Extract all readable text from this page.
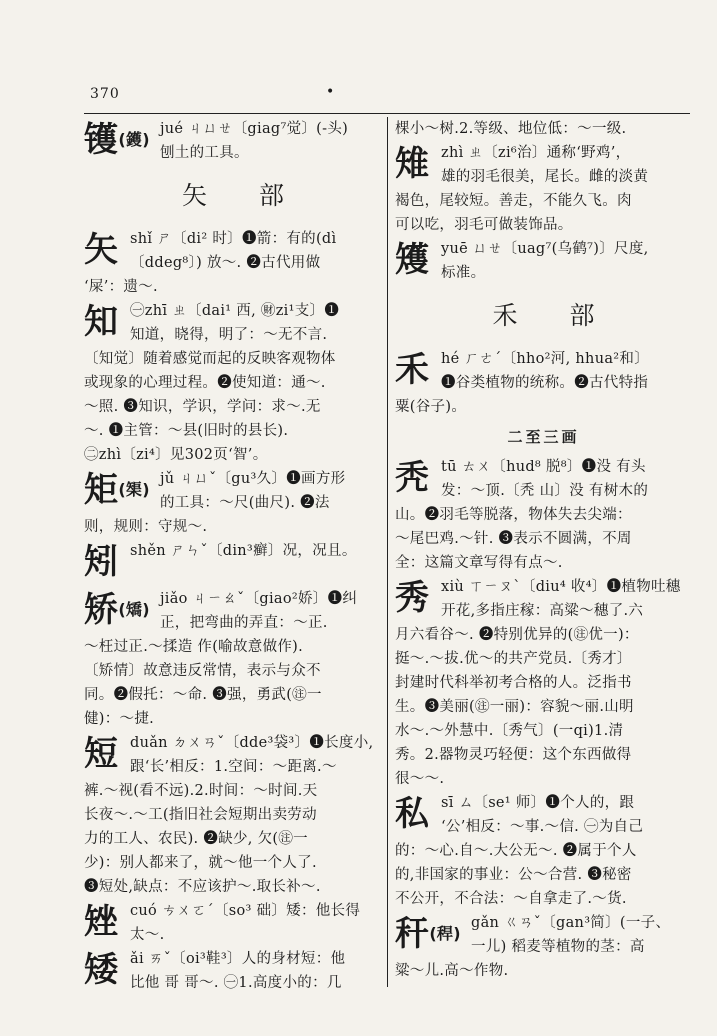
370	•
镬(鑊)
jué ㄐㄩㄝ〔giag⁷觉〕(-头)
刨土的工具。
矢 部
矢 shǐ ㄕ〔di² 时〕❶箭：有的(dì
〔ddeg⁸〕) 放～. ❷古代用做
‘屎’：遗～.
知 ㊀zhī ㄓ〔dai¹ 西, ㊖zi¹支〕❶
知道，晓得，明了：～无不言.
〔知觉〕随着感觉而起的反映客观物体
或现象的心理过程。❷使知道：通～.
～照. ❸知识，学识，学问：求～.无
～. ❶主管：～县(旧时的县长).
㊁zhì〔zi⁴〕见302页‘智’。
矩(榘)
jǔ ㄐㄩˇ〔gu³久〕❶画方形
的工具：～尺(曲尺). ❷法
则，规则：守规～.
矧 shěn ㄕㄣˇ〔din³癣〕况，况且。

矫(矯)
jiǎo ㄐㄧㄠˇ〔giao²娇〕❶纠
正，把弯曲的弄直：～正.
～枉过正.～揉造 作(喻故意做作).
〔矫情〕故意违反常情，表示与众不
同。❷假托：～命. ❸强，勇武(㊟一
健)：～捷.
短 duǎn ㄉㄨㄢˇ〔dde³袋³〕❶长度小,
跟‘长’相反：1.空间：～距离.～
裤.～视(看不远).2.时间：～时间.天
长夜～.～工(指旧社会短期出卖劳动
力的工人、农民). ❷缺少, 欠(㊟一
少)：别人都来了，就～他一个人了.
❸短处,缺点：不应该护～.取长补～.
矬 cuó ㄘㄨㄛˊ〔so³ 础〕矮：他长得
太～.
矮 ǎi ㄞˇ〔oi³鞋³〕人的身材短：他
比他 哥 哥～. ㊀1.高度小的：几
棵小～树.2.等级、地位低：～一级.
雉 zhì ㄓ〔zi⁶治〕通称‘野鸡’，
雄的羽毛很美，尾长。雌的淡黄
褐色，尾较短。善走，不能久飞。肉
可以吃，羽毛可做装饰品。
矱 yuē ㄩㄝ〔uag⁷(乌鹤⁷)〕尺度,
标准。
禾 部
禾 hé ㄏㄜˊ〔hho²河, hhua²和〕
❶谷类植物的统称。❷古代特指
粟(谷子)。
二至三画
秃 tū ㄊㄨ〔hud⁸ 脱⁸〕❶没 有头
发：～顶.〔秃 山〕没 有树木的
山。❷羽毛等脱落，物体失去尖端：
～尾巴鸡.～针. ❸表示不圆满，不周
全：这篇文章写得有点～.
秀 xiù ㄒㄧㄡˋ〔diu⁴ 收⁴〕❶植物吐穗
开花,多指庄稼：高粱～穗了.六
月六看谷～. ❷特别优异的(㊟优一)：
挺～.～拔.优～的共产党员.〔秀才〕
封建时代科举初考合格的人。泛指书
生。❸美丽(㊟一丽)：容貌～丽.山明
水～.～外慧中.〔秀气〕(一qi)1.清
秀。2.器物灵巧轻便：这个东西做得
很～～.
私 sī ㄙ〔se¹ 师〕❶个人的，跟
‘公’相反：～事.～信. ㊀为自己
的：～心.自～.大公无～. ❷属于个人
的,非国家的事业：公～合营. ❸秘密
不公开，不合法：～自拿走了.～货.
秆(稈)
gǎn ㄍㄢˇ〔gan³简〕(一子、
一儿) 稻麦等植物的茎：高
粱～儿.高～作物.
